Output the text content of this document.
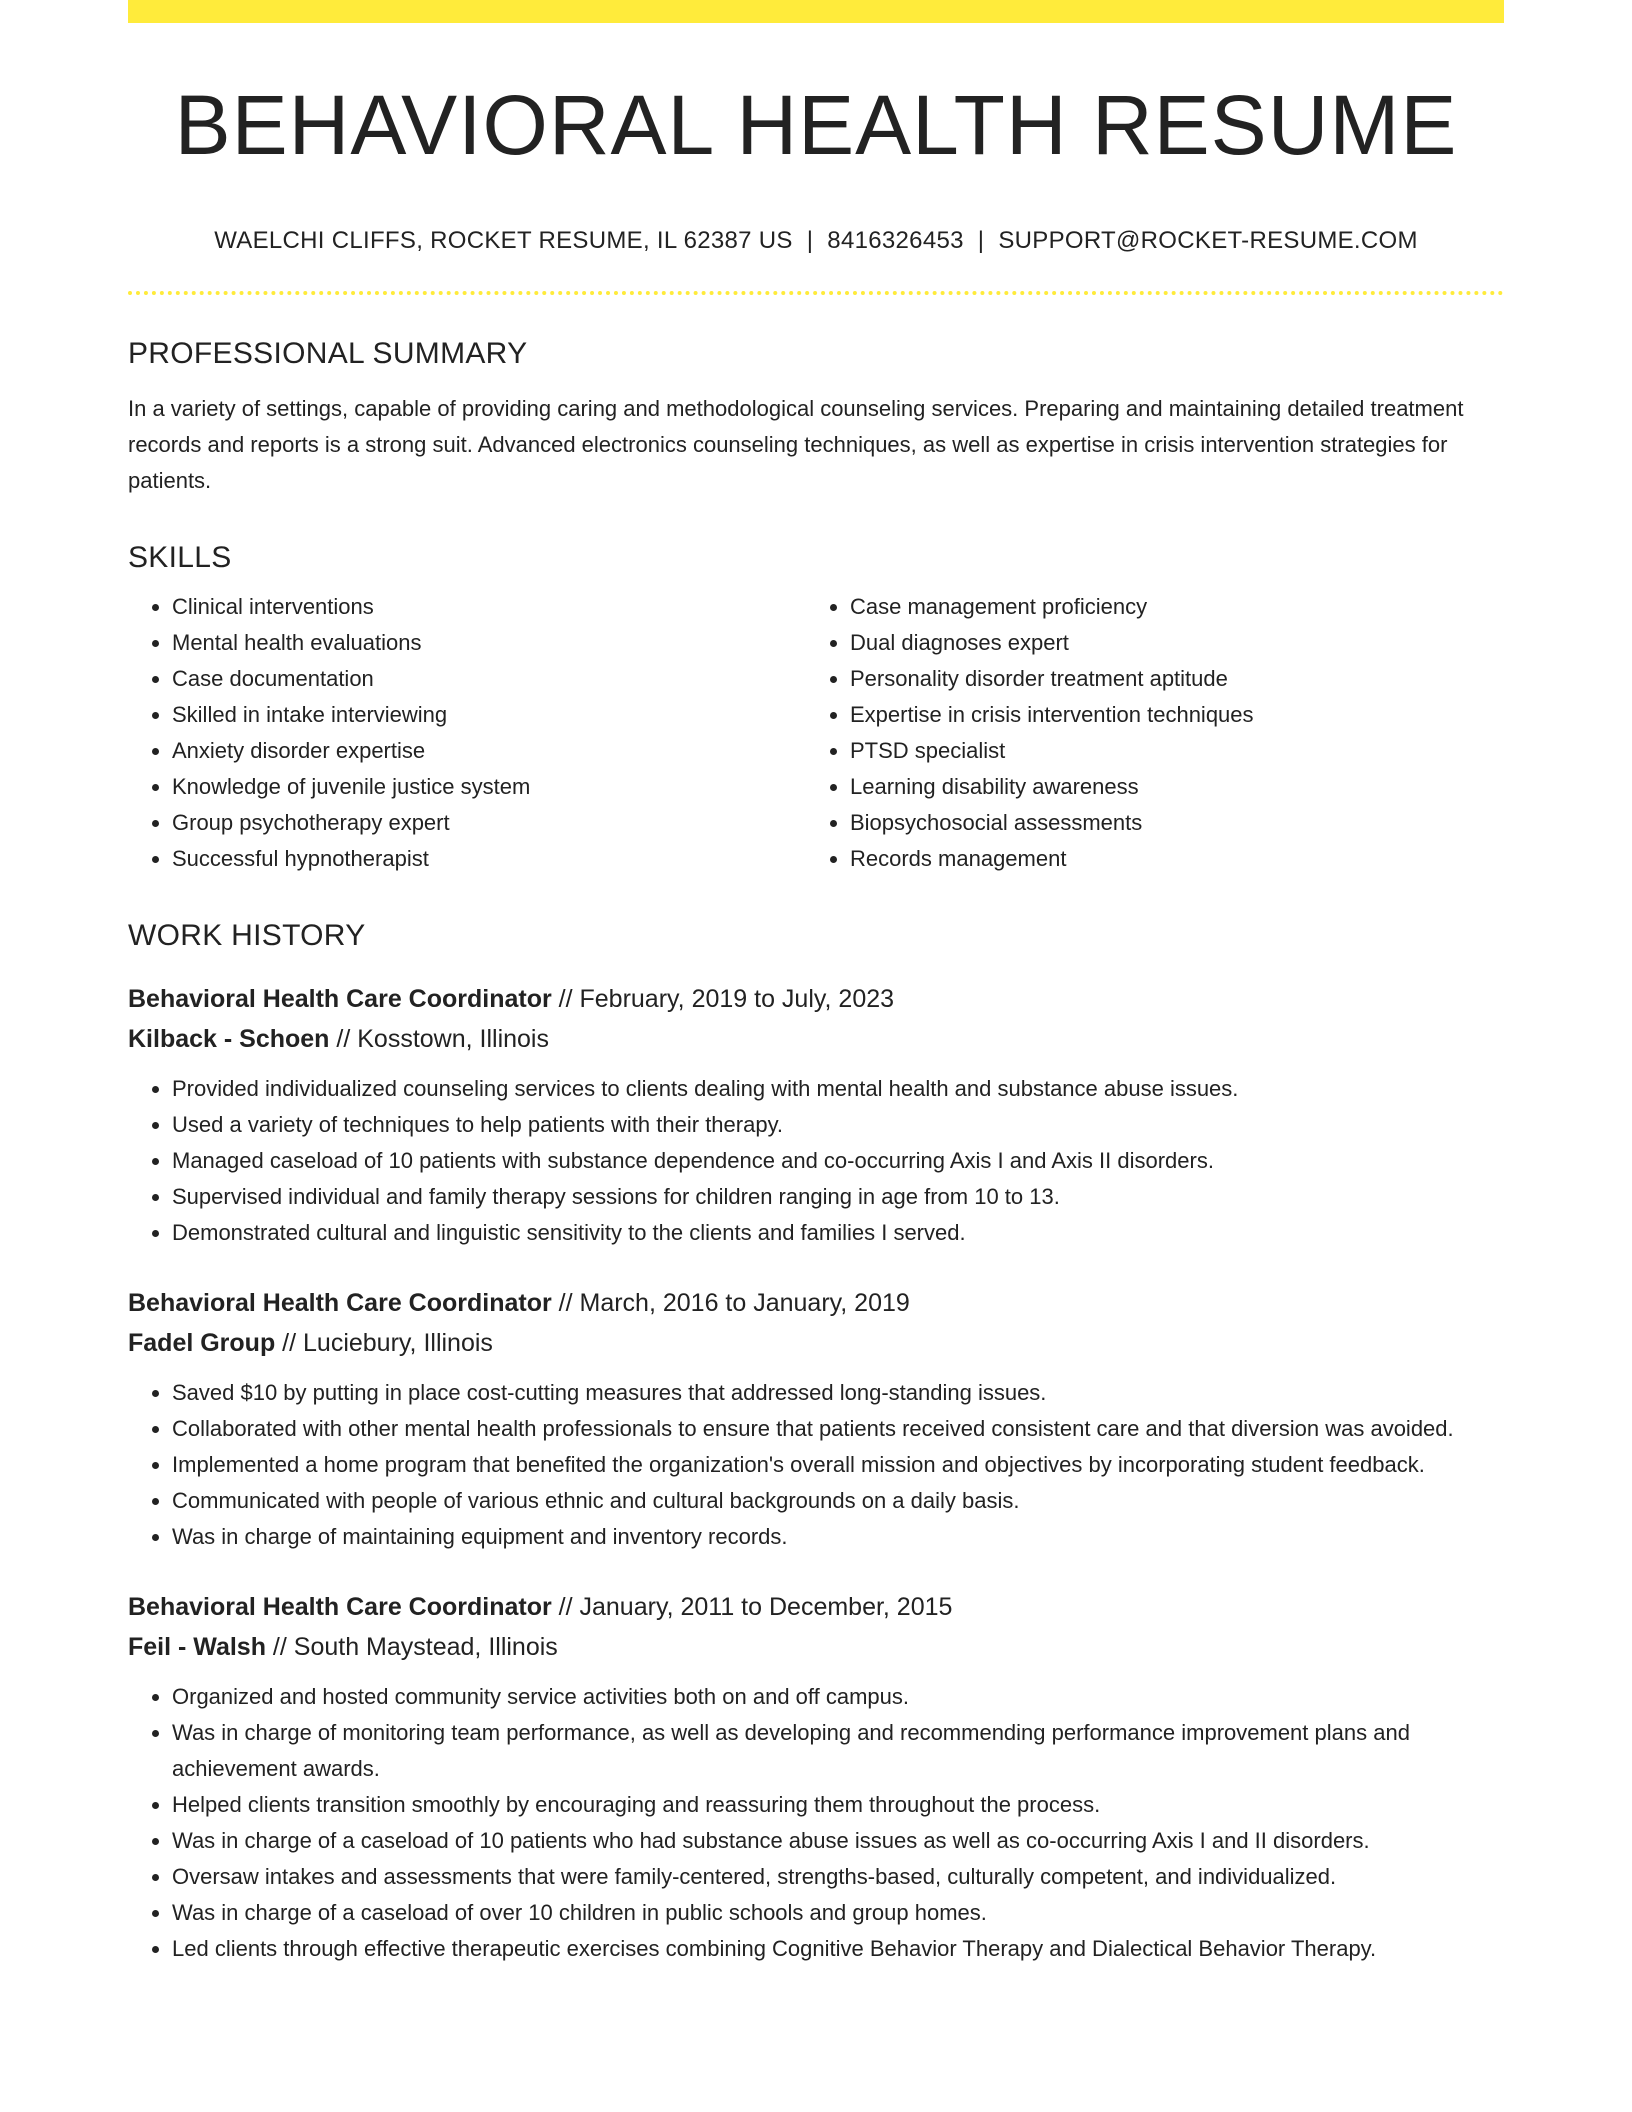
BEHAVIORAL HEALTH RESUME
WAELCHI CLIFFS, ROCKET RESUME, IL 62387 US | 8416326453 | SUPPORT@ROCKET-RESUME.COM
PROFESSIONAL SUMMARY
In a variety of settings, capable of providing caring and methodological counseling services. Preparing and maintaining detailed treatment records and reports is a strong suit. Advanced electronics counseling techniques, as well as expertise in crisis intervention strategies for patients.
SKILLS
• Clinical interventions
• Mental health evaluations
• Case documentation
• Skilled in intake interviewing
• Anxiety disorder expertise
• Knowledge of juvenile justice system
• Group psychotherapy expert
• Successful hypnotherapist
• Case management proficiency
• Dual diagnoses expert
• Personality disorder treatment aptitude
• Expertise in crisis intervention techniques
• PTSD specialist
• Learning disability awareness
• Biopsychosocial assessments
• Records management
WORK HISTORY
Behavioral Health Care Coordinator // February, 2019 to July, 2023
Kilback - Schoen // Kosstown, Illinois
• Provided individualized counseling services to clients dealing with mental health and substance abuse issues.
• Used a variety of techniques to help patients with their therapy.
• Managed caseload of 10 patients with substance dependence and co-occurring Axis I and Axis II disorders.
• Supervised individual and family therapy sessions for children ranging in age from 10 to 13.
• Demonstrated cultural and linguistic sensitivity to the clients and families I served.
Behavioral Health Care Coordinator // March, 2016 to January, 2019
Fadel Group // Luciebury, Illinois
• Saved $10 by putting in place cost-cutting measures that addressed long-standing issues.
• Collaborated with other mental health professionals to ensure that patients received consistent care and that diversion was avoided.
• Implemented a home program that benefited the organization's overall mission and objectives by incorporating student feedback.
• Communicated with people of various ethnic and cultural backgrounds on a daily basis.
• Was in charge of maintaining equipment and inventory records.
Behavioral Health Care Coordinator // January, 2011 to December, 2015
Feil - Walsh // South Maystead, Illinois
• Organized and hosted community service activities both on and off campus.
• Was in charge of monitoring team performance, as well as developing and recommending performance improvement plans and achievement awards.
• Helped clients transition smoothly by encouraging and reassuring them throughout the process.
• Was in charge of a caseload of 10 patients who had substance abuse issues as well as co-occurring Axis I and II disorders.
• Oversaw intakes and assessments that were family-centered, strengths-based, culturally competent, and individualized.
• Was in charge of a caseload of over 10 children in public schools and group homes.
• Led clients through effective therapeutic exercises combining Cognitive Behavior Therapy and Dialectical Behavior Therapy.
